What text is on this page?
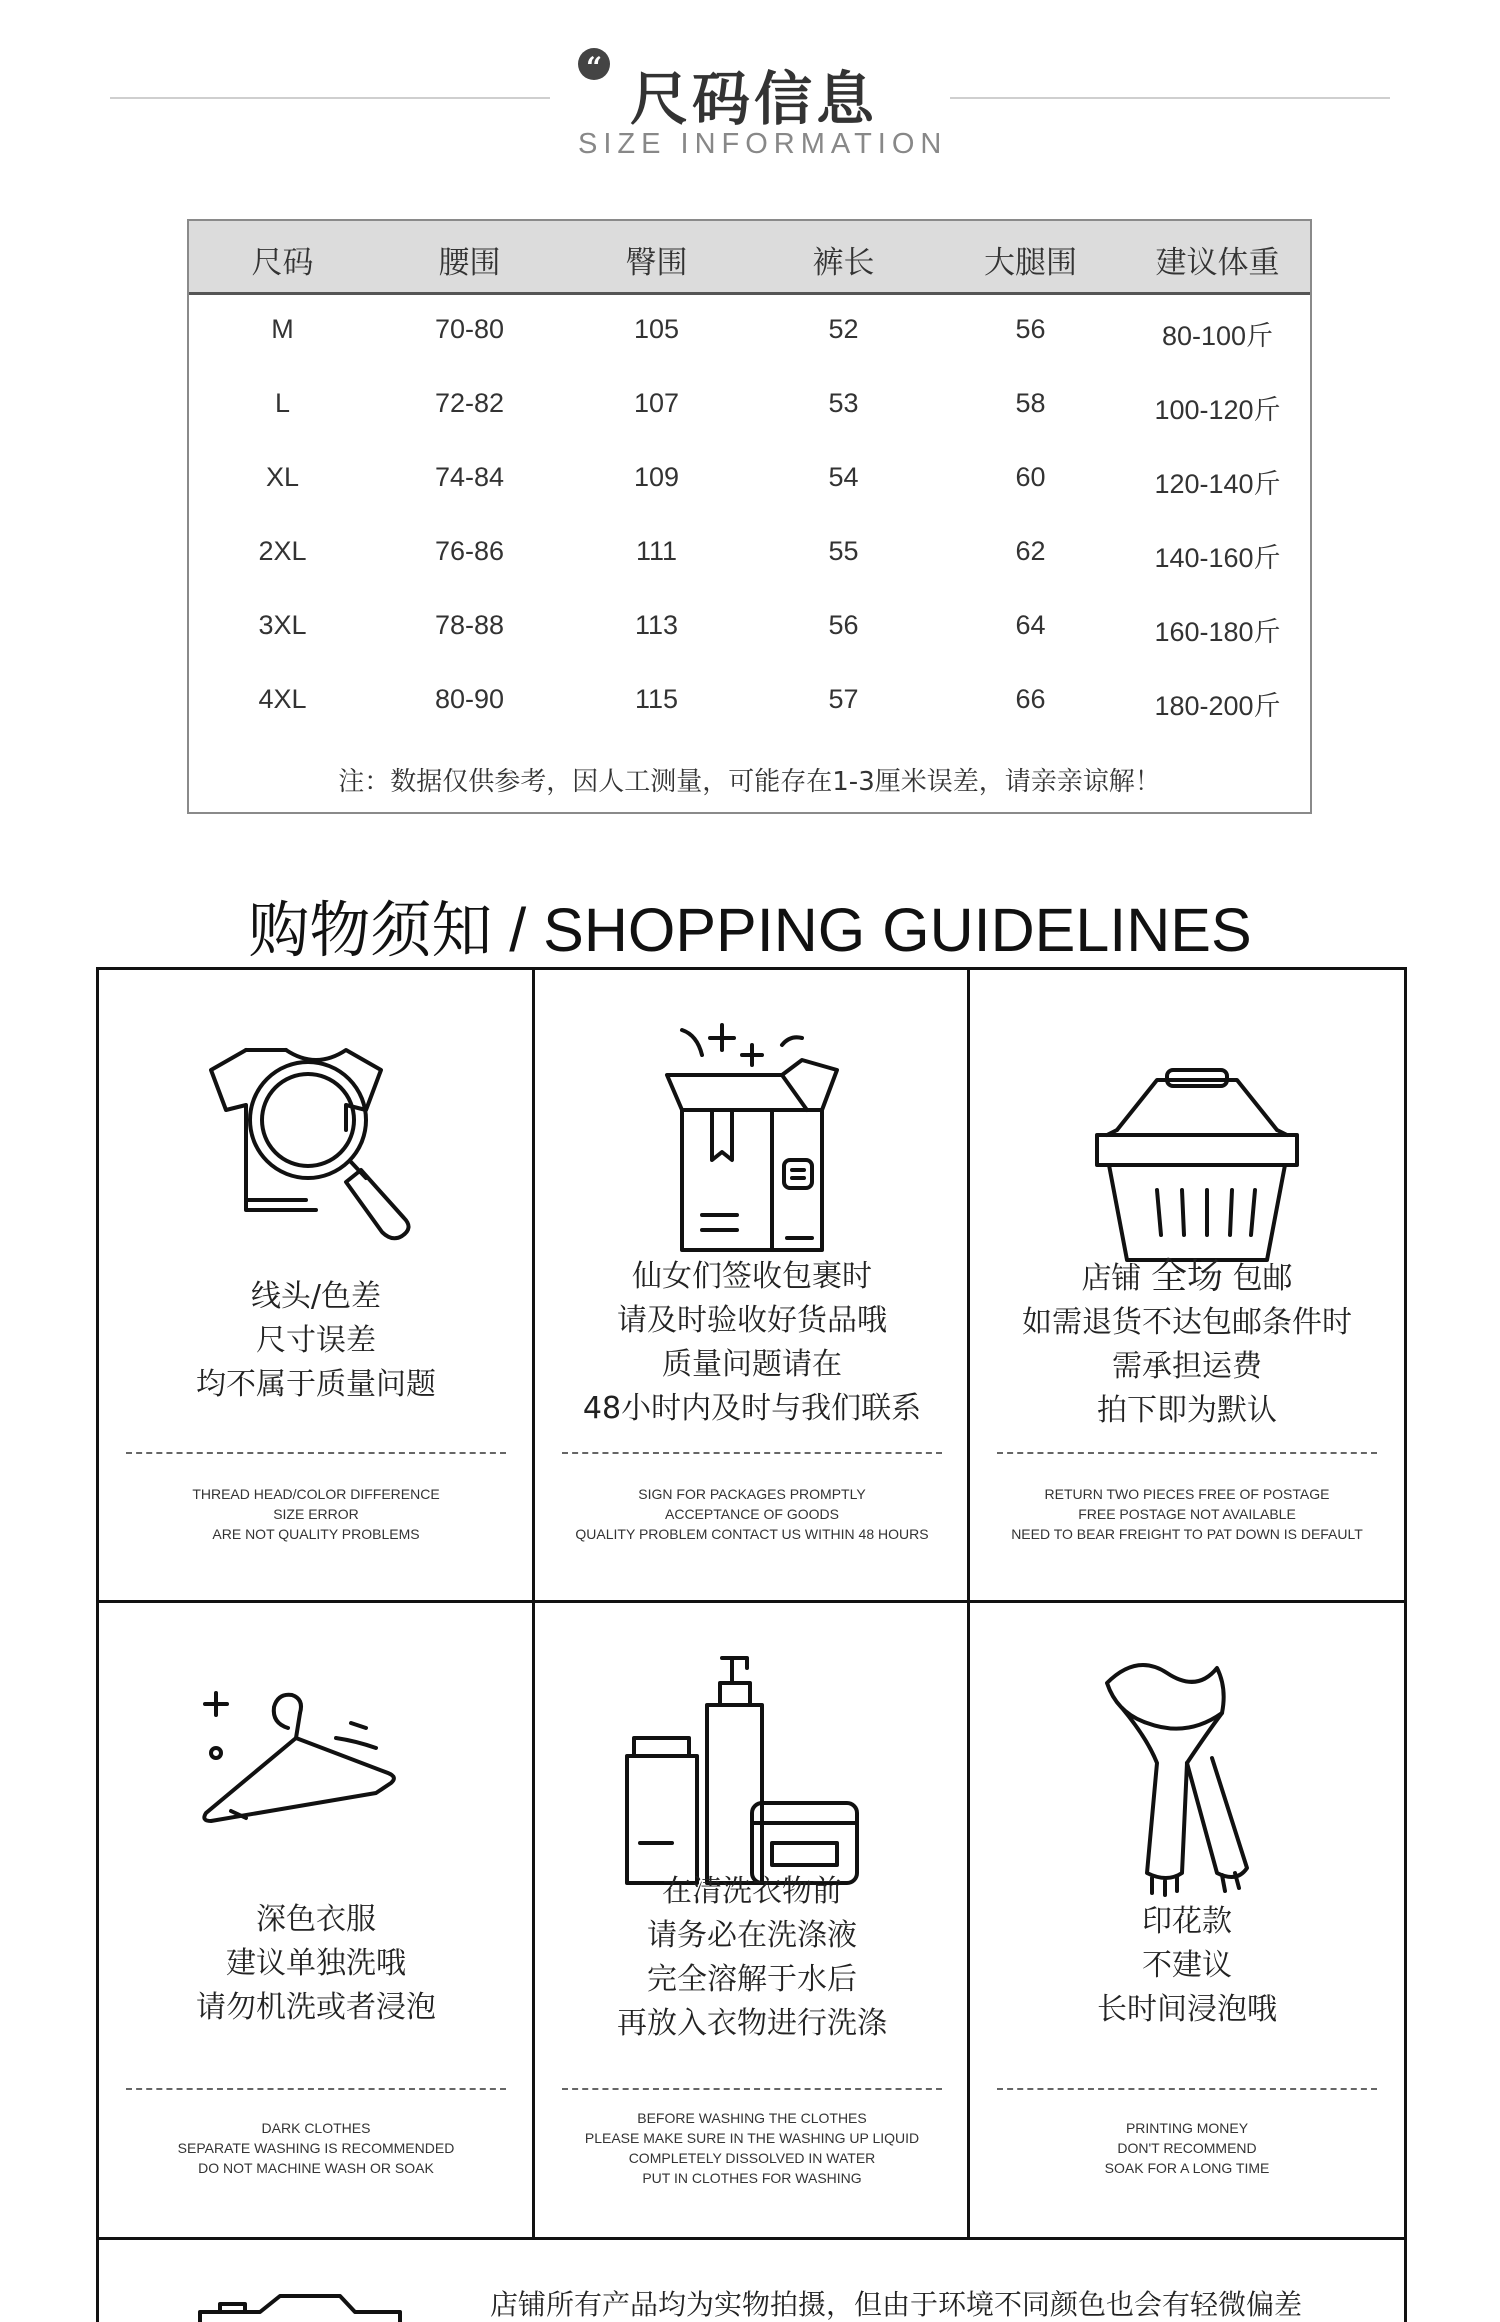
“ 尺码信息
SIZE INFORMATION
尺码	腰围	臀围	裤长	大腿围	建议体重
M	70-80	105	52	56	80-100斤
L	72-82	107	53	58	100-120斤
XL	74-84	109	54	60	120-140斤
2XL	76-86	111	55	62	140-160斤
3XL	78-88	113	56	64	160-180斤
4XL	80-90	115	57	66	180-200斤
注：数据仅供参考，因人工测量，可能存在1-3厘米误差，请亲亲谅解！
购物须知 / SHOPPING GUIDELINES
线头/色差
尺寸误差
均不属于质量问题
THREAD HEAD/COLOR DIFFERENCE
SIZE ERROR
ARE NOT QUALITY PROBLEMS
仙女们签收包裹时
请及时验收好货品哦
质量问题请在
48小时内及时与我们联系
SIGN FOR PACKAGES PROMPTLY
ACCEPTANCE OF GOODS
QUALITY PROBLEM CONTACT US WITHIN 48 HOURS
店铺 全场 包邮
如需退货不达包邮条件时
需承担运费
拍下即为默认
RETURN TWO PIECES FREE OF POSTAGE
FREE POSTAGE NOT AVAILABLE
NEED TO BEAR FREIGHT TO PAT DOWN IS DEFAULT
深色衣服
建议单独洗哦
请勿机洗或者浸泡
DARK CLOTHES
SEPARATE WASHING IS RECOMMENDED
DO NOT MACHINE WASH OR SOAK
在清洗衣物前
请务必在洗涤液
完全溶解于水后
再放入衣物进行洗涤
BEFORE WASHING THE CLOTHES
PLEASE MAKE SURE IN THE WASHING UP LIQUID
COMPLETELY DISSOLVED IN WATER
PUT IN CLOTHES FOR WASHING
印花款
不建议
长时间浸泡哦
PRINTING MONEY
DON'T RECOMMEND
SOAK FOR A LONG TIME
店铺所有产品均为实物拍摄，但由于环境不同颜色也会有轻微偏差
